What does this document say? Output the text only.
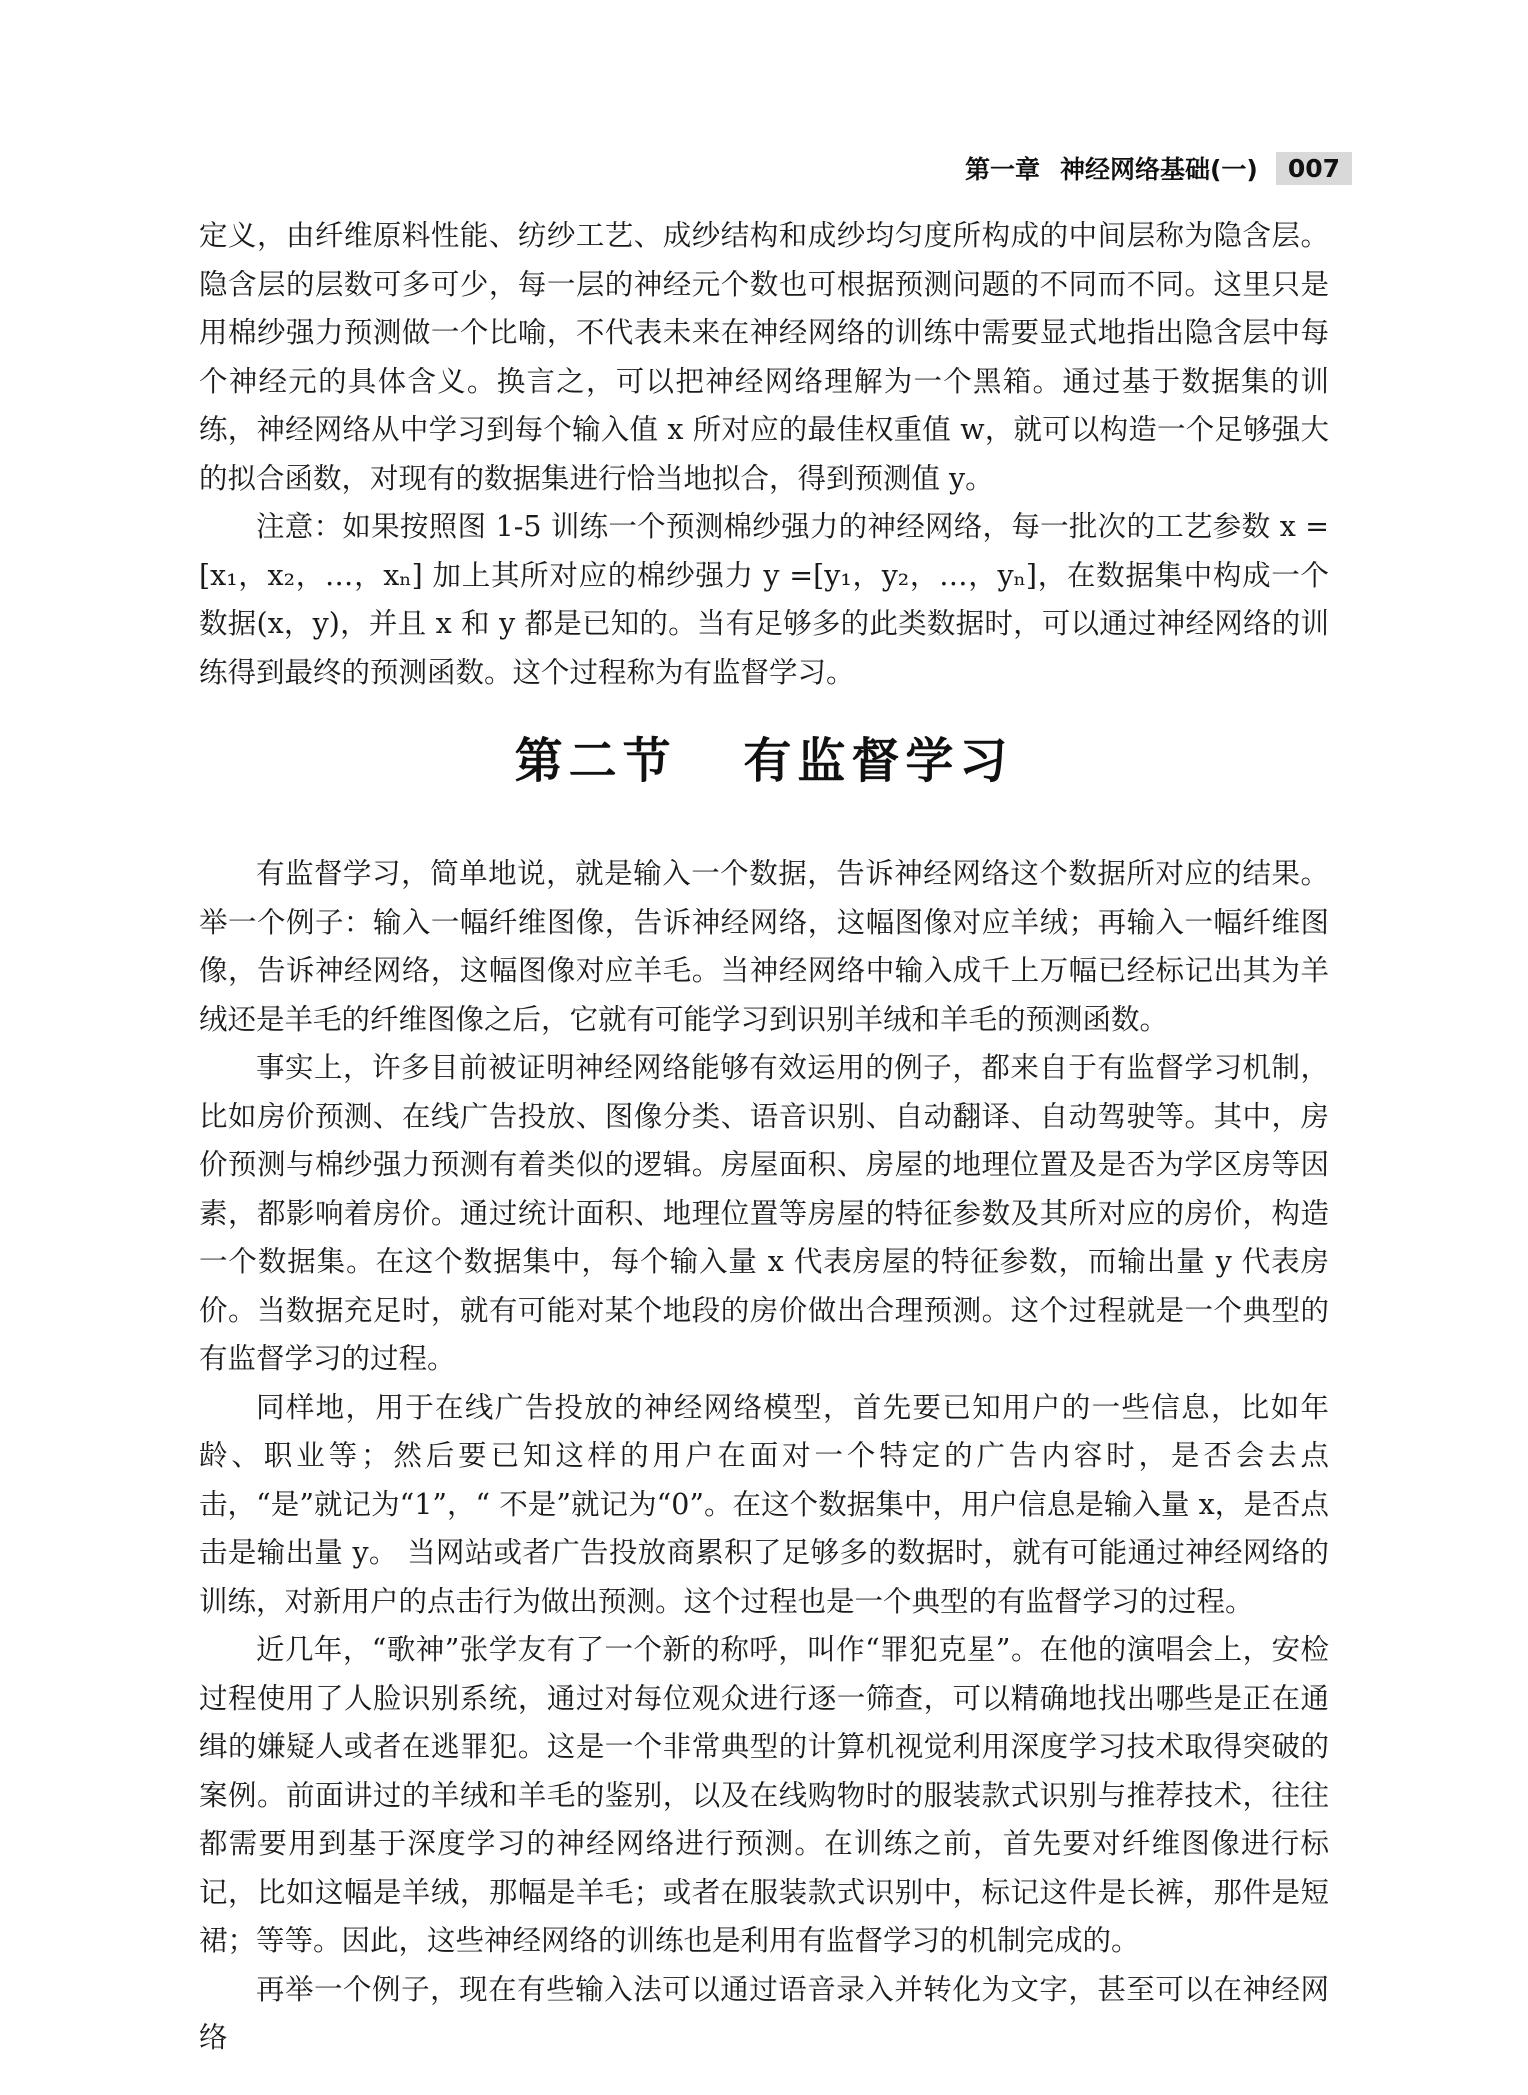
第一章 神经网络基础(一)	007

定义，由纤维原料性能、纺纱工艺、成纱结构和成纱均匀度所构成的中间层称为隐含层。隐含层的层数可多可少，每一层的神经元个数也可根据预测问题的不同而不同。这里只是用棉纱强力预测做一个比喻，不代表未来在神经网络的训练中需要显式地指出隐含层中每个神经元的具体含义。换言之，可以把神经网络理解为一个黑箱。通过基于数据集的训练，神经网络从中学习到每个输入值 x 所对应的最佳权重值 w，就可以构造一个足够强大的拟合函数，对现有的数据集进行恰当地拟合，得到预测值 y。

注意：如果按照图 1-5 训练一个预测棉纱强力的神经网络，每一批次的工艺参数 x = [x₁，x₂，…，xₙ] 加上其所对应的棉纱强力 y =[y₁，y₂，…，yₙ]，在数据集中构成一个数据(x，y)，并且 x 和 y 都是已知的。当有足够多的此类数据时，可以通过神经网络的训练得到最终的预测函数。这个过程称为有监督学习。

第二节 有监督学习

有监督学习，简单地说，就是输入一个数据，告诉神经网络这个数据所对应的结果。举一个例子：输入一幅纤维图像，告诉神经网络，这幅图像对应羊绒；再输入一幅纤维图像，告诉神经网络，这幅图像对应羊毛。当神经网络中输入成千上万幅已经标记出其为羊绒还是羊毛的纤维图像之后，它就有可能学习到识别羊绒和羊毛的预测函数。

事实上，许多目前被证明神经网络能够有效运用的例子，都来自于有监督学习机制，比如房价预测、在线广告投放、图像分类、语音识别、自动翻译、自动驾驶等。其中，房价预测与棉纱强力预测有着类似的逻辑。房屋面积、房屋的地理位置及是否为学区房等因素，都影响着房价。通过统计面积、地理位置等房屋的特征参数及其所对应的房价，构造一个数据集。在这个数据集中，每个输入量 x 代表房屋的特征参数，而输出量 y 代表房价。当数据充足时，就有可能对某个地段的房价做出合理预测。这个过程就是一个典型的有监督学习的过程。

同样地，用于在线广告投放的神经网络模型，首先要已知用户的一些信息，比如年龄、职业等；然后要已知这样的用户在面对一个特定的广告内容时，是否会去点击，“是”就记为“1”，“ 不是”就记为“0”。在这个数据集中，用户信息是输入量 x，是否点击是输出量 y。 当网站或者广告投放商累积了足够多的数据时，就有可能通过神经网络的训练，对新用户的点击行为做出预测。这个过程也是一个典型的有监督学习的过程。

近几年，“歌神”张学友有了一个新的称呼，叫作“罪犯克星”。在他的演唱会上，安检过程使用了人脸识别系统，通过对每位观众进行逐一筛查，可以精确地找出哪些是正在通缉的嫌疑人或者在逃罪犯。这是一个非常典型的计算机视觉利用深度学习技术取得突破的案例。前面讲过的羊绒和羊毛的鉴别，以及在线购物时的服装款式识别与推荐技术，往往都需要用到基于深度学习的神经网络进行预测。在训练之前，首先要对纤维图像进行标记，比如这幅是羊绒，那幅是羊毛；或者在服装款式识别中，标记这件是长裤，那件是短裙；等等。因此，这些神经网络的训练也是利用有监督学习的机制完成的。

再举一个例子，现在有些输入法可以通过语音录入并转化为文字，甚至可以在神经网络
